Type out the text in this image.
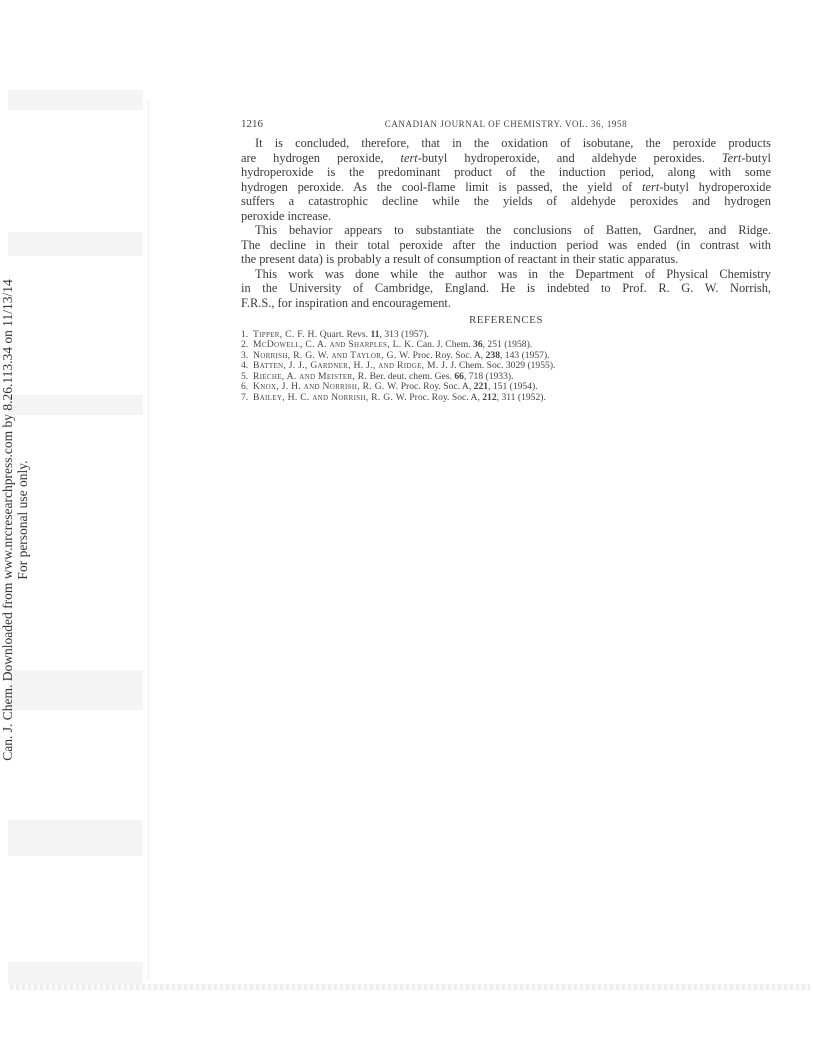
Can. J. Chem. Downloaded from www.nrcresearchpress.com by 8.26.113.34 on 11/13/14 For personal use only.
1216	CANADIAN JOURNAL OF CHEMISTRY. VOL. 36, 1958

It is concluded, therefore, that in the oxidation of isobutane, the peroxide products
are hydrogen peroxide, tert-butyl hydroperoxide, and aldehyde peroxides. Tert-butyl
hydroperoxide is the predominant product of the induction period, along with some
hydrogen peroxide. As the cool-flame limit is passed, the yield of tert-butyl hydroperoxide
suffers a catastrophic decline while the yields of aldehyde peroxides and hydrogen
peroxide increase.

This behavior appears to substantiate the conclusions of Batten, Gardner, and Ridge.
The decline in their total peroxide after the induction period was ended (in contrast with
the present data) is probably a result of consumption of reactant in their static apparatus.

This work was done while the author was in the Department of Physical Chemistry
in the University of Cambridge, England. He is indebted to Prof. R. G. W. Norrish,
F.R.S., for inspiration and encouragement.

REFERENCES
1. Tipper, C. F. H. Quart. Revs. 11, 313 (1957).
2. McDowell, C. A. and Sharples, L. K. Can. J. Chem. 36, 251 (1958).
3. Norrish, R. G. W. and Taylor, G. W. Proc. Roy. Soc. A, 238, 143 (1957).
4. Batten, J. J., Gardner, H. J., and Ridge, M. J. J. Chem. Soc. 3029 (1955).
5. Rieche, A. and Meister, R. Ber. deut. chem. Ges. 66, 718 (1933).
6. Knox, J. H. and Norrish, R. G. W. Proc. Roy. Soc. A, 221, 151 (1954).
7. Bailey, H. C. and Norrish, R. G. W. Proc. Roy. Soc. A, 212, 311 (1952).
